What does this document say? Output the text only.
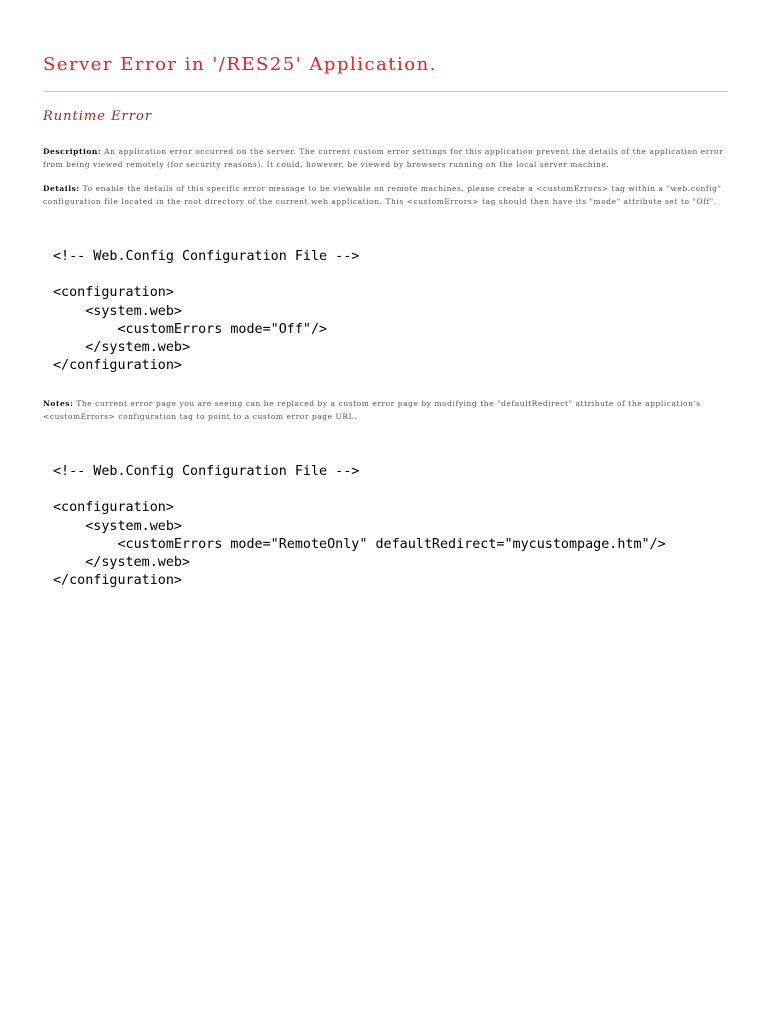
Server Error in '/RES25' Application.
Runtime Error

Description: An application error occurred on the server. The current custom error settings for this application prevent the details of the application error from being viewed remotely (for security reasons). It could, however, be viewed by browsers running on the local server machine.

Details: To enable the details of this specific error message to be viewable on remote machines, please create a <customErrors> tag within a "web.config" configuration file located in the root directory of the current web application. This <customErrors> tag should then have its "mode" attribute set to "Off".

<!-- Web.Config Configuration File -->

<configuration>
<system.web>
<customErrors mode="Off"/>
</system.web>
</configuration>

Notes: The current error page you are seeing can be replaced by a custom error page by modifying the "defaultRedirect" attribute of the application's <customErrors> configuration tag to point to a custom error page URL.

<!-- Web.Config Configuration File -->

<configuration>
<system.web>
<customErrors mode="RemoteOnly" defaultRedirect="mycustompage.htm"/>
</system.web>
</configuration>
